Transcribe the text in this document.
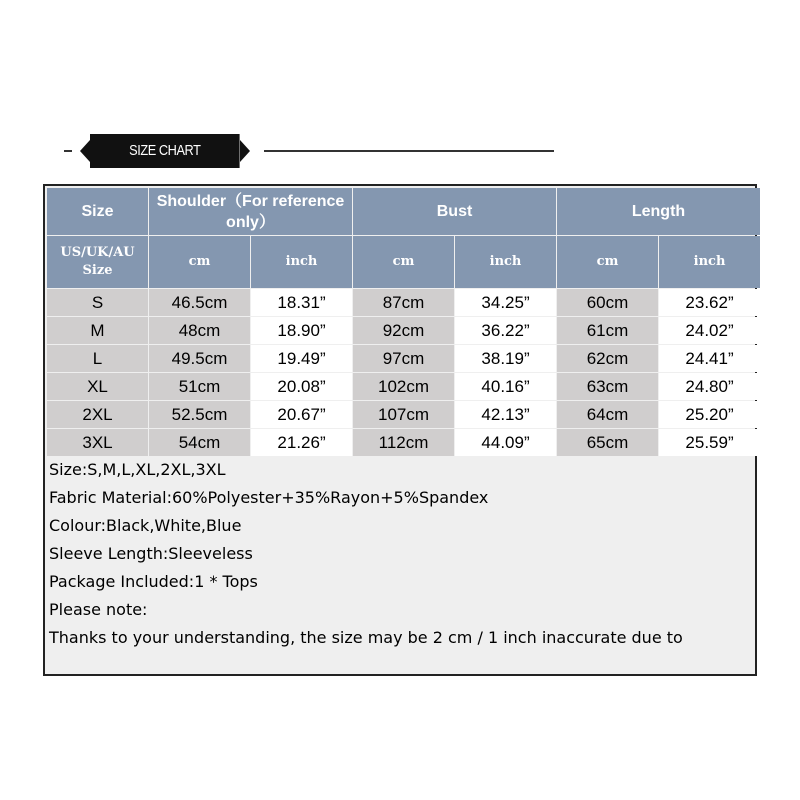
SIZE CHART
Size	Shoulder（For reference only）		Bust		Length	
US/UK/AU Size	cm	inch	cm	inch	cm	inch
S	46.5cm	18.31”	87cm	34.25”	60cm	23.62”
M	48cm	18.90”	92cm	36.22”	61cm	24.02”
L	49.5cm	19.49”	97cm	38.19”	62cm	24.41”
XL	51cm	20.08”	102cm	40.16”	63cm	24.80”
2XL	52.5cm	20.67”	107cm	42.13”	64cm	25.20”
3XL	54cm	21.26”	112cm	44.09”	65cm	25.59”
Size:S,M,L,XL,2XL,3XL
Fabric Material:60%Polyester+35%Rayon+5%Spandex
Colour:Black,White,Blue
Sleeve Length:Sleeveless
Package Included:1 * Tops
Please note:
Thanks to your understanding, the size may be 2 cm / 1 inch inaccurate due to
